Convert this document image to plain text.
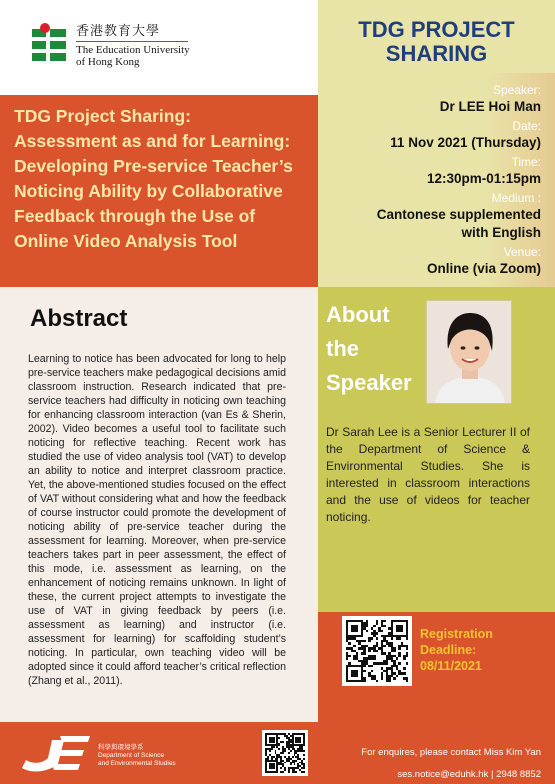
香港教育大學
The Education University
of Hong Kong
TDG Project Sharing:
Assessment as and for Learning:
Developing Pre-service Teacher’s
Noticing Ability by Collaborative
Feedback through the Use of
Online Video Analysis Tool
TDG PROJECT
SHARING
Speaker:
Dr LEE Hoi Man
Date:
11 Nov 2021 (Thursday)
Time:
12:30pm-01:15pm
Medium :
Cantonese supplemented
with English
Venue:
Online (via Zoom)
Abstract
Learning to notice has been advocated for long to help pre-service teachers make pedagogical decisions amid classroom instruction. Research indicated that pre-service teachers had difficulty in noticing own teaching for enhancing classroom interaction (van Es & Sherin, 2002). Video becomes a useful tool to facilitate such noticing for reflective teaching. Recent work has studied the use of video analysis tool (VAT) to develop an ability to notice and interpret classroom practice. Yet, the above-mentioned studies focused on the effect of VAT without considering what and how the feedback of course instructor could promote the development of noticing ability of pre-service teacher during the assessment for learning. Moreover, when pre-service teachers takes part in peer assessment, the effect of this mode, i.e. assessment as learning, on the enhancement of noticing remains unknown. In light of these, the current project attempts to investigate the use of VAT in giving feedback by peers (i.e. assessment as learning) and instructor (i.e. assessment for learning) for scaffolding student’s noticing. In particular, own teaching video will be adopted since it could afford teacher’s critical reflection (Zhang et al., 2011).
About
the
Speaker
Dr Sarah Lee is a Senior Lecturer II of the Department of Science & Environmental Studies. She is interested in classroom interactions and the use of videos for teacher noticing.
Registration
Deadline:
08/11/2021
科學與環境學系
Department of Science
and Environmental Studies
For enquires, please contact Miss Kim Yan
ses.notice@eduhk.hk | 2948 8852
